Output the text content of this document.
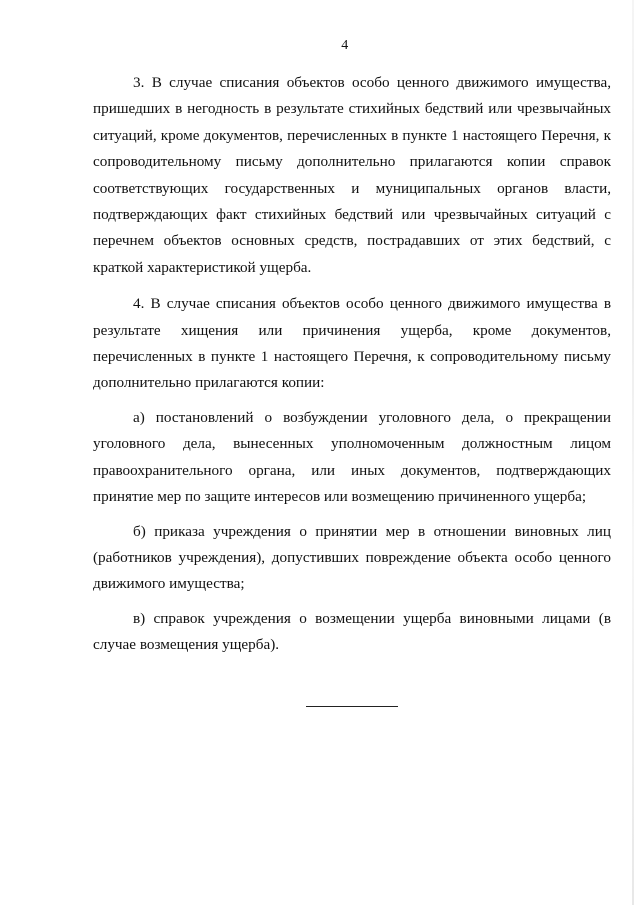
4

3. В случае списания объектов особо ценного движимого имущества, пришедших в негодность в результате стихийных бедствий или чрезвычайных ситуаций, кроме документов, перечисленных в пункте 1 настоящего Перечня, к сопроводительному письму дополнительно прилагаются копии справок соответствующих государственных и муниципальных органов власти, подтверждающих факт стихийных бедствий или чрезвычайных ситуаций с перечнем объектов основных средств, пострадавших от этих бедствий, с краткой характеристикой ущерба.

4. В случае списания объектов особо ценного движимого имущества в результате хищения или причинения ущерба, кроме документов, перечисленных в пункте 1 настоящего Перечня, к сопроводительному письму дополнительно прилагаются копии:

а) постановлений о возбуждении уголовного дела, о прекращении уголовного дела, вынесенных уполномоченным должностным лицом правоохранительного органа, или иных документов, подтверждающих принятие мер по защите интересов или возмещению причиненного ущерба;

б) приказа учреждения о принятии мер в отношении виновных лиц (работников учреждения), допустивших повреждение объекта особо ценного движимого имущества;

в) справок учреждения о возмещении ущерба виновными лицами (в случае возмещения ущерба).
